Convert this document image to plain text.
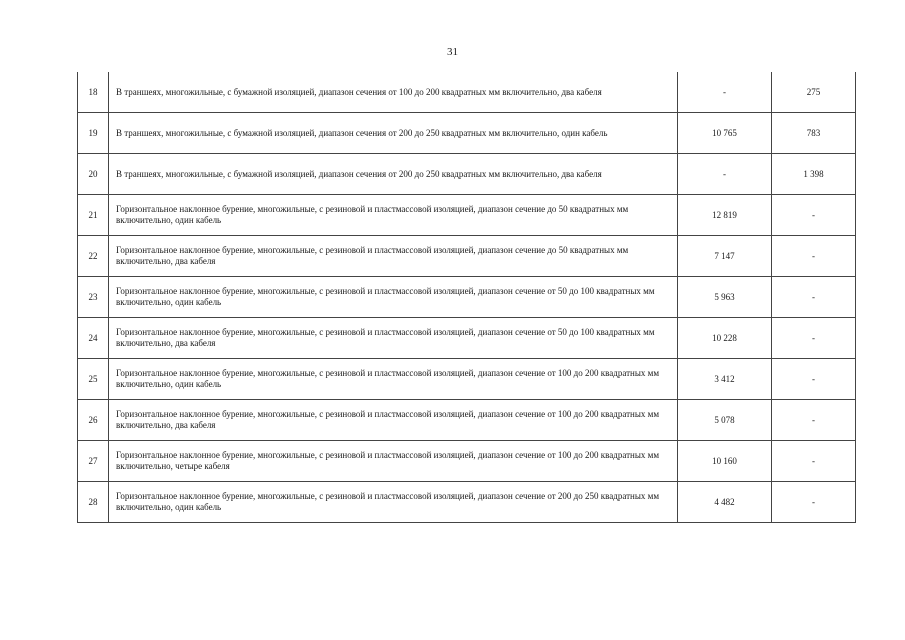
31
18	В траншеях, многожильные, с бумажной изоляцией, диапазон сечения от 100 до 200 квадратных мм включительно, два кабеля	-	275
19	В траншеях, многожильные, с бумажной изоляцией, диапазон сечения от 200 до 250 квадратных мм включительно, один кабель	10 765	783
20	В траншеях, многожильные, с бумажной изоляцией, диапазон сечения от 200 до 250 квадратных мм включительно, два кабеля	-	1 398
21	Горизонтальное наклонное бурение, многожильные, с резиновой и пластмассовой изоляцией, диапазон сечение до 50 квадратных мм включительно, один кабель	12 819	-
22	Горизонтальное наклонное бурение, многожильные, с резиновой и пластмассовой изоляцией, диапазон сечение до 50 квадратных мм включительно, два кабеля	7 147	-
23	Горизонтальное наклонное бурение, многожильные, с резиновой и пластмассовой изоляцией, диапазон сечение от 50 до 100 квадратных мм включительно, один кабель	5 963	-
24	Горизонтальное наклонное бурение, многожильные, с резиновой и пластмассовой изоляцией, диапазон сечение от 50 до 100 квадратных мм включительно, два кабеля	10 228	-
25	Горизонтальное наклонное бурение, многожильные, с резиновой и пластмассовой изоляцией, диапазон сечение от 100 до 200 квадратных мм включительно, один кабель	3 412	-
26	Горизонтальное наклонное бурение, многожильные, с резиновой и пластмассовой изоляцией, диапазон сечение от 100 до 200 квадратных мм включительно, два кабеля	5 078	-
27	Горизонтальное наклонное бурение, многожильные, с резиновой и пластмассовой изоляцией, диапазон сечение от 100 до 200 квадратных мм включительно, четыре кабеля	10 160	-
28	Горизонтальное наклонное бурение, многожильные, с резиновой и пластмассовой изоляцией, диапазон сечение от 200 до 250 квадратных мм включительно, один кабель	4 482	-
